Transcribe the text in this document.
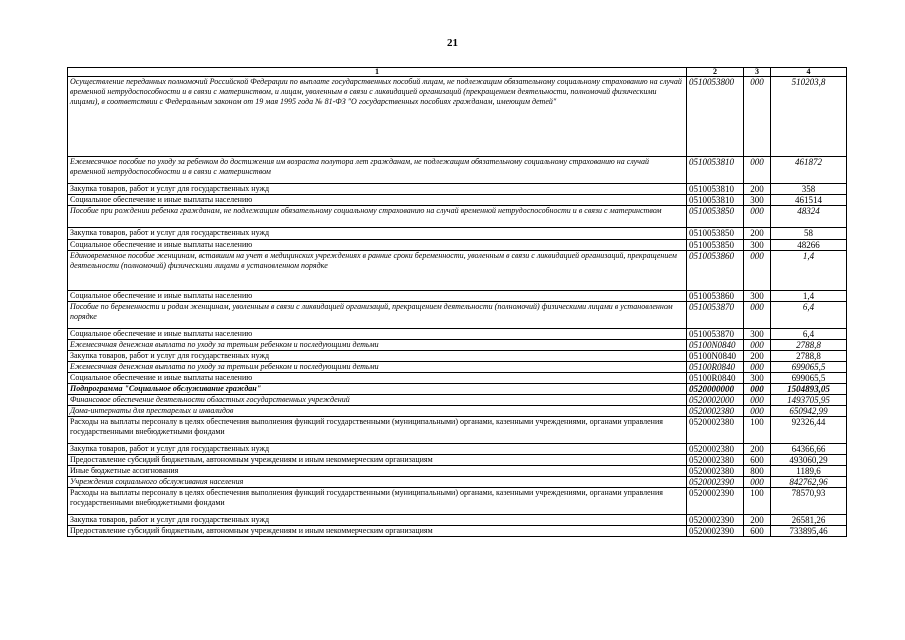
21
1	2	3	4
Осуществление переданных полномочий Российской Федерации по выплате государственных пособий лицам, не подлежащим обязательному социальному страхованию на случай временной нетрудоспособности и в связи с материнством, и лицам, уволенным в связи с ликвидацией организаций (прекращением деятельности, полномочий физическими лицами), в соответствии с Федеральным законом от 19 мая 1995 года № 81-ФЗ "О государственных пособиях гражданам, имеющим детей"	0510053800	000	510203,8
Ежемесячное пособие по уходу за ребенком до достижения им возраста полутора лет гражданам, не подлежащим обязательному социальному страхованию на случай временной нетрудоспособности и в связи с материнством	0510053810	000	461872
Закупка товаров, работ и услуг для государственных нужд	0510053810	200	358
Социальное обеспечение и иные выплаты населению	0510053810	300	461514
Пособие при рождении ребенка гражданам, не подлежащим обязательному социальному страхованию на случай временной нетрудоспособности и в связи с материнством	0510053850	000	48324
Закупка товаров, работ и услуг для государственных нужд	0510053850	200	58
Социальное обеспечение и иные выплаты населению	0510053850	300	48266
Единовременное пособие женщинам, вставшим на учет в медицинских учреждениях в ранние сроки беременности, уволенным в связи с ликвидацией организаций, прекращением деятельности (полномочий) физическими лицами в установленном порядке	0510053860	000	1,4
Социальное обеспечение и иные выплаты населению	0510053860	300	1,4
Пособие по беременности и родам женщинам, уволенным в связи с ликвидацией организаций, прекращением деятельности (полномочий) физическими лицами в установленном порядке	0510053870	000	6,4
Социальное обеспечение и иные выплаты населению	0510053870	300	6,4
Ежемесячная денежная выплата по уходу за третьим ребенком и последующими детьми	05100N0840	000	2788,8
Закупка товаров, работ и услуг для государственных нужд	05100N0840	200	2788,8
Ежемесячная денежная выплата по уходу за третьим ребенком и последующими детьми	05100R0840	000	699065,5
Социальное обеспечение и иные выплаты населению	05100R0840	300	699065,5
Подпрограмма "Социальное обслуживание граждан"	0520000000	000	1504893,05
Финансовое обеспечение деятельности областных государственных учреждений	0520002000	000	1493705,95
Дома-интернаты для престарелых и инвалидов	0520002380	000	650942,99
Расходы на выплаты персоналу в целях обеспечения выполнения функций государственными (муниципальными) органами, казенными учреждениями, органами управления государственными внебюджетными фондами	0520002380	100	92326,44
Закупка товаров, работ и услуг для государственных нужд	0520002380	200	64366,66
Предоставление субсидий бюджетным, автономным учреждениям и иным некоммерческим организациям	0520002380	600	493060,29
Иные бюджетные ассигнования	0520002380	800	1189,6
Учреждения социального обслуживания населения	0520002390	000	842762,96
Расходы на выплаты персоналу в целях обеспечения выполнения функций государственными (муниципальными) органами, казенными учреждениями, органами управления государственными внебюджетными фондами	0520002390	100	78570,93
Закупка товаров, работ и услуг для государственных нужд	0520002390	200	26581,26
Предоставление субсидий бюджетным, автономным учреждениям и иным некоммерческим организациям	0520002390	600	733895,46
